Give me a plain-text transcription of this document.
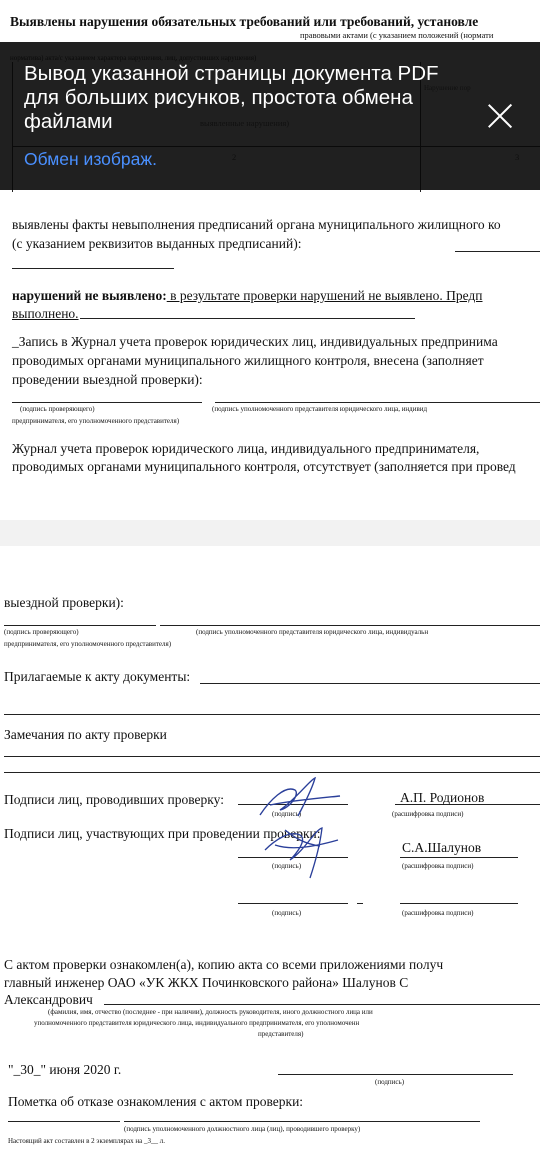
Выявлены нарушения обязательных требований или требований, установле
правовыми актами (с указанием положений (нормати
Вывод указанной страницы документа PDF для больших рисунков, простота обмена файлами
Обмен изображ.
выявлены факты невыполнения предписаний органа муниципального жилищного ко
(с указанием реквизитов выданных предписаний):
нарушений не выявлено: в результате проверки нарушений не выявлено. Предп
выполнено.
_Запись в Журнал учета проверок юридических лиц, индивидуальных предпринима
проводимых органами муниципального жилищного контроля, внесена (заполняет
проведении выездной проверки):
(подпись проверяющего)	(подпись уполномоченного представителя юридического лица, индивид
предпринимателя, его уполномоченного представителя)
Журнал учета проверок юридического лица, индивидуального предпринимателя,
проводимых органами муниципального контроля, отсутствует (заполняется при провед
выездной проверки):
(подпись проверяющего)	(подпись уполномоченного представителя юридического лица, индивидуальн
предпринимателя, его уполномоченного представителя)
Прилагаемые к акту документы:
Замечания по акту проверки
Подписи лиц, проводивших проверку:	А.П. Родионов
(подпись)	(расшифровка подписи)
Подписи лиц, участвующих при проведении проверки:
С.А.Шалунов
(подпись)	(расшифровка подписи)
(подпись)	(расшифровка подписи)
С актом проверки ознакомлен(а), копию акта со всеми приложениями получ
главный инженер ОАО «УК ЖКХ Починковского района» Шалунов С
Александрович
(фамилия, имя, отчество (последнее - при наличии), должность руководителя, иного должностного лица или
уполномоченного представителя юридического лица, индивидуального предпринимателя, его уполномоченн
представителя)
"_30_" июня 2020 г.
(подпись)
Пометка об отказе ознакомления с актом проверки:
(подпись уполномоченного должностного лица (лиц), проводившего проверку)
Настоящий акт составлен в 2 экземплярах на _3__ л.
